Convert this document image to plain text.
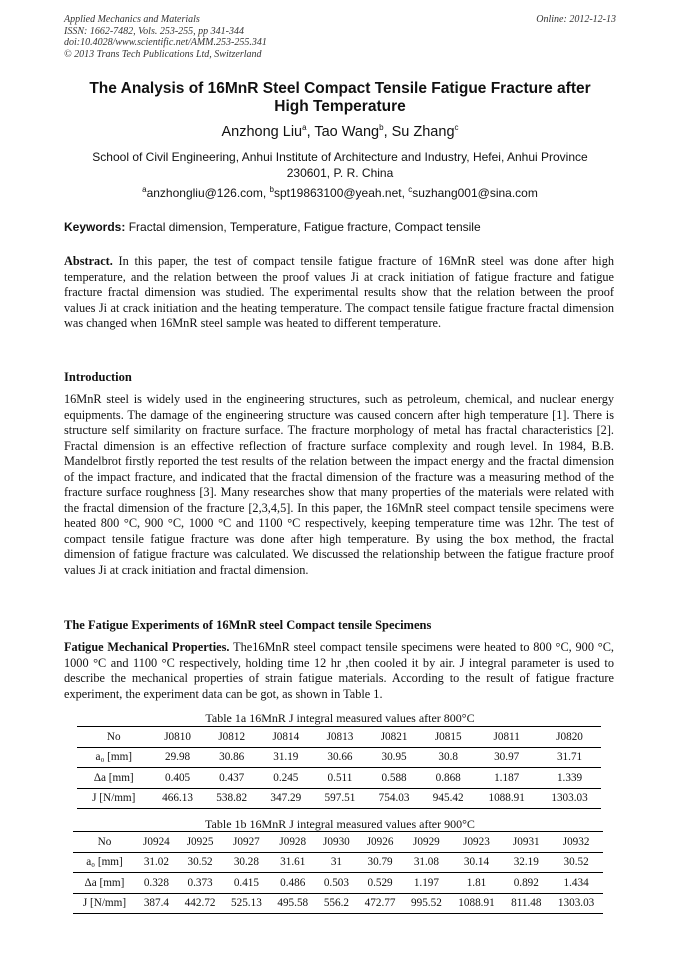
Applied Mechanics and Materials
ISSN: 1662-7482, Vols. 253-255, pp 341-344
doi:10.4028/www.scientific.net/AMM.253-255.341
© 2013 Trans Tech Publications Ltd, Switzerland
Online: 2012-12-13
The Analysis of 16MnR Steel Compact Tensile Fatigue Fracture after
High Temperature
Anzhong Liu$^a$, Tao Wang$^b$, Su Zhang$^c$
School of Civil Engineering, Anhui Institute of Architecture and Industry, Hefei, Anhui Province
230601, P. R. China
$^a$anzhongliu@126.com, $^b$spt19863100@yeah.net, $^c$suzhang001@sina.com
Keywords: Fractal dimension, Temperature, Fatigue fracture, Compact tensile
Abstract. In this paper, the test of compact tensile fatigue fracture of 16MnR steel was done after high temperature, and the relation between the proof values Ji at crack initiation of fatigue fracture and fatigue fracture fractal dimension was studied. The experimental results show that the relation between the proof values Ji at crack initiation and the heating temperature. The compact tensile fatigue fracture fractal dimension was changed when 16MnR steel sample was heated to different temperature.
Introduction
16MnR steel is widely used in the engineering structures, such as petroleum, chemical, and nuclear energy equipments. The damage of the engineering structure was caused concern after high temperature [1]. There is structure self similarity on fracture surface. The fracture morphology of metal has fractal characteristics [2]. Fractal dimension is an effective reflection of fracture surface complexity and rough level. In 1984, B.B. Mandelbrot firstly reported the test results of the relation between the impact energy and the fractal dimension of the impact fracture, and indicated that the fractal dimension of the fracture was a measuring method of the fracture surface roughness [3]. Many researches show that many properties of the materials were related with the fractal dimension of the fracture [2,3,4,5]. In this paper, the 16MnR steel compact tensile specimens were heated 800 °C, 900 °C, 1000 °C and 1100 °C respectively, keeping temperature time was 12hr. The test of compact tensile fatigue fracture was done after high temperature. By using the box method, the fractal dimension of fatigue fracture was calculated. We discussed the relationship between the fatigue fracture proof values Ji at crack initiation and fractal dimension.
The Fatigue Experiments of 16MnR steel Compact tensile Specimens
Fatigue Mechanical Properties. The16MnR steel compact tensile specimens were heated to 800 °C, 900 °C, 1000 °C and 1100 °C respectively, holding time 12 hr ,then cooled it by air. J integral parameter is used to describe the mechanical properties of strain fatigue materials. According to the result of fatigue fracture experiment, the experiment data can be got, as shown in Table 1.
Table 1a 16MnR J integral measured values after 800°C
No	J0810	J0812	J0814	J0813	J0821	J0815	J0811	J0820
a₀ [mm]	29.98	30.86	31.19	30.66	30.95	30.8	30.97	31.71
Δa [mm]	0.405	0.437	0.245	0.511	0.588	0.868	1.187	1.339
J [N/mm]	466.13	538.82	347.29	597.51	754.03	945.42	1088.91	1303.03
Table 1b 16MnR J integral measured values after 900°C
No	J0924	J0925	J0927	J0928	J0930	J0926	J0929	J0923	J0931	J0932
a₀ [mm]	31.02	30.52	30.28	31.61	31	30.79	31.08	30.14	32.19	30.52
Δa [mm]	0.328	0.373	0.415	0.486	0.503	0.529	1.197	1.81	0.892	1.434
J [N/mm]	387.4	442.72	525.13	495.58	556.2	472.77	995.52	1088.91	811.48	1303.03
